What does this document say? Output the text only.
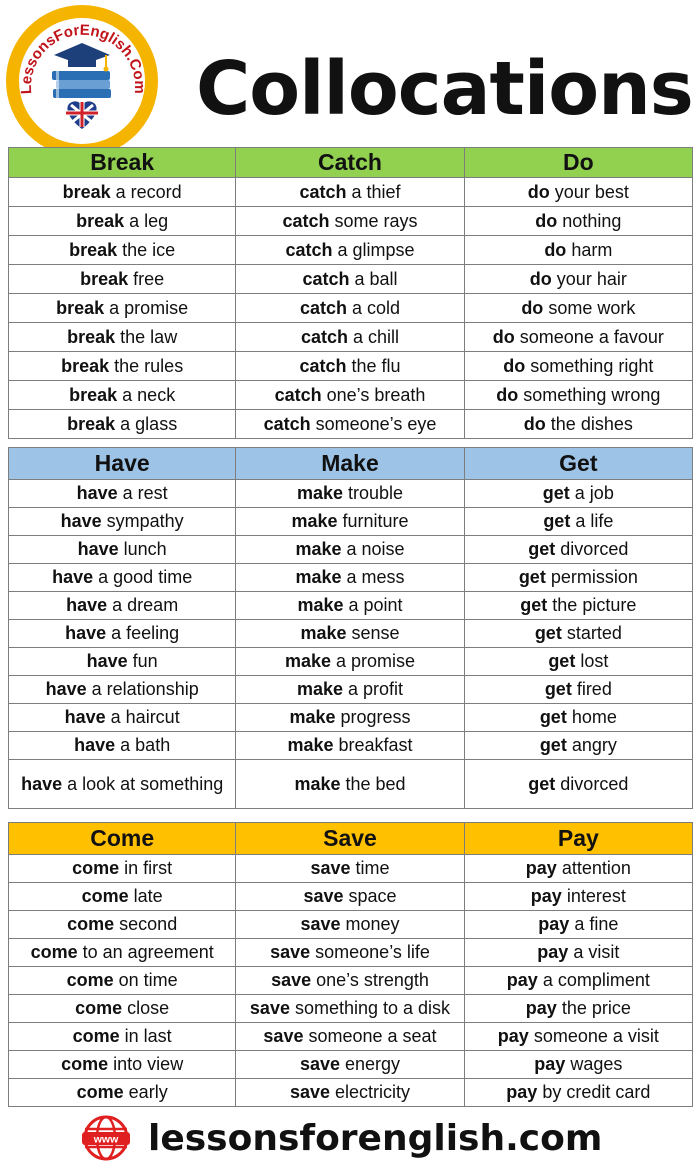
LessonsForEnglish.Com Collocations
Break	Catch	Do
break a record	catch a thief	do your best
break a leg	catch some rays	do nothing
break the ice	catch a glimpse	do harm
break free	catch a ball	do your hair
break a promise	catch a cold	do some work
break the law	catch a chill	do someone a favour
break the rules	catch the flu	do something right
break a neck	catch one’s breath	do something wrong
break a glass	catch someone’s eye	do the dishes
Have	Make	Get
have a rest	make trouble	get a job
have sympathy	make furniture	get a life
have lunch	make a noise	get divorced
have a good time	make a mess	get permission
have a dream	make a point	get the picture
have a feeling	make sense	get started
have fun	make a promise	get lost
have a relationship	make a profit	get fired
have a haircut	make progress	get home
have a bath	make breakfast	get angry
have a look at something	make the bed	get divorced
Come	Save	Pay
come in first	save time	pay attention
come late	save space	pay interest
come second	save money	pay a fine
come to an agreement	save someone’s life	pay a visit
come on time	save one’s strength	pay a compliment
come close	save something to a disk	pay the price
come in last	save someone a seat	pay someone a visit
come into view	save energy	pay wages
come early	save electricity	pay by credit card
www lessonsforenglish.com
